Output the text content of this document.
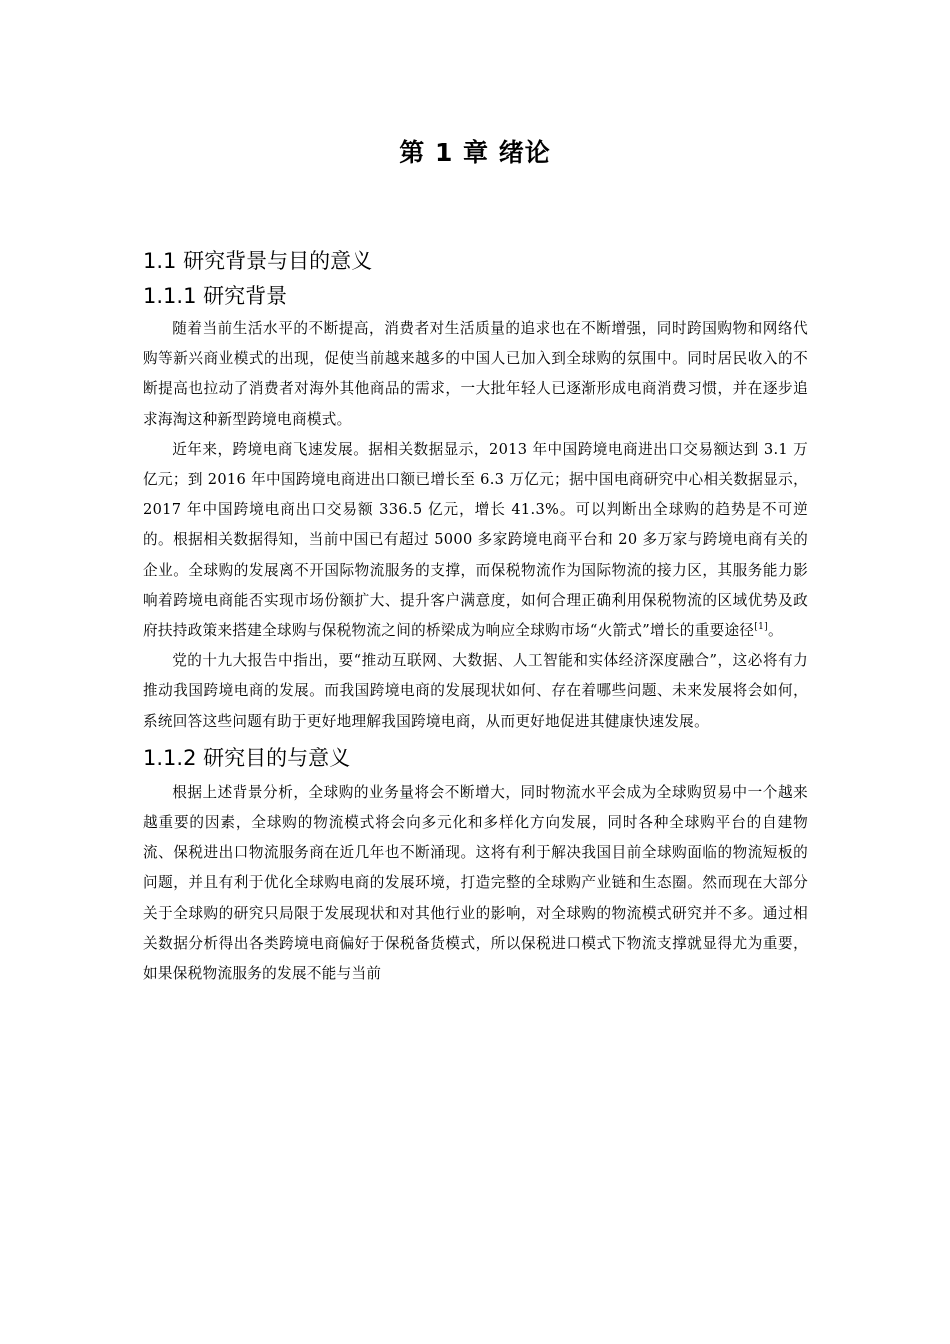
第 1 章 绪论
1.1 研究背景与目的意义
1.1.1 研究背景

随着当前生活水平的不断提高，消费者对生活质量的追求也在不断增强，同时跨国购物和网络代购等新兴商业模式的出现，促使当前越来越多的中国人已加入到全球购的氛围中。同时居民收入的不断提高也拉动了消费者对海外其他商品的需求，一大批年轻人已逐渐形成电商消费习惯，并在逐步追求海淘这种新型跨境电商模式。

近年来，跨境电商飞速发展。据相关数据显示，2013 年中国跨境电商进出口交易额达到 3.1 万亿元；到 2016 年中国跨境电商进出口额已增长至 6.3 万亿元；据中国电商研究中心相关数据显示，2017 年中国跨境电商出口交易额 336.5 亿元，增长 41.3%。可以判断出全球购的趋势是不可逆的。根据相关数据得知，当前中国已有超过 5000 多家跨境电商平台和 20 多万家与跨境电商有关的企业。全球购的发展离不开国际物流服务的支撑，而保税物流作为国际物流的接力区，其服务能力影响着跨境电商能否实现市场份额扩大、提升客户满意度，如何合理正确利用保税物流的区域优势及政府扶持政策来搭建全球购与保税物流之间的桥梁成为响应全球购市场“火箭式”增长的重要途径[1]。

党的十九大报告中指出，要“推动互联网、大数据、人工智能和实体经济深度融合”，这必将有力推动我国跨境电商的发展。而我国跨境电商的发展现状如何、存在着哪些问题、未来发展将会如何，系统回答这些问题有助于更好地理解我国跨境电商，从而更好地促进其健康快速发展。

1.1.2 研究目的与意义

根据上述背景分析，全球购的业务量将会不断增大，同时物流水平会成为全球购贸易中一个越来越重要的因素，全球购的物流模式将会向多元化和多样化方向发展，同时各种全球购平台的自建物流、保税进出口物流服务商在近几年也不断涌现。这将有利于解决我国目前全球购面临的物流短板的问题，并且有利于优化全球购电商的发展环境，打造完整的全球购产业链和生态圈。然而现在大部分关于全球购的研究只局限于发展现状和对其他行业的影响，对全球购的物流模式研究并不多。通过相关数据分析得出各类跨境电商偏好于保税备货模式，所以保税进口模式下物流支撑就显得尤为重要，如果保税物流服务的发展不能与当前
